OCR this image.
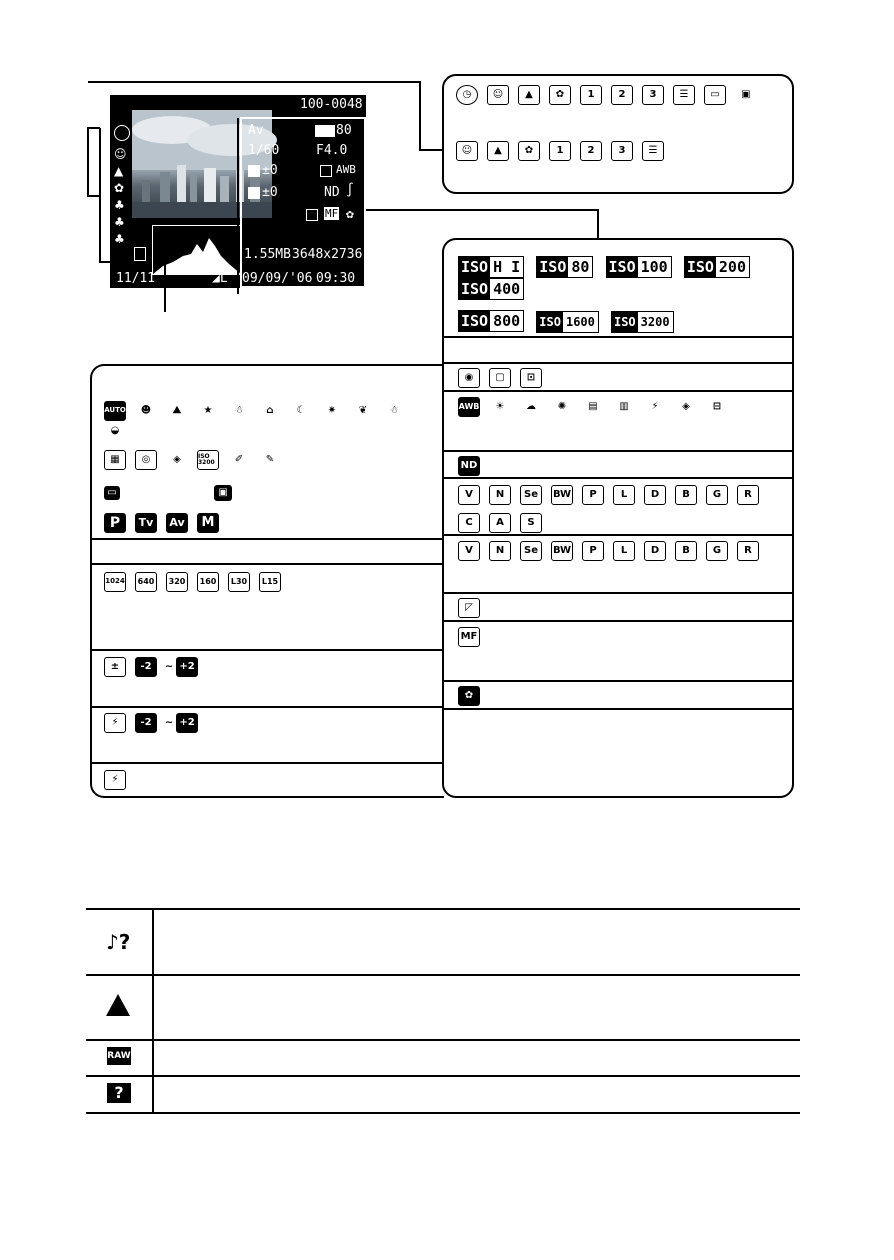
☺
▲
✿
♣
♣
♣
100-0048
Av	80
1/60	F4.0
±0	AWB
±0	ND ∫
MF ✿
1.55MB 3648x2736
11/11	◢L 09/09/'06 09:30
◷ ☺ ▲ ✿ 1 2 3 ☰ ▭ ▣
☺ ▲ ✿ 1 2 3 ☰
ISO H I
ISO 80
ISO 100
ISO 200

ISO 400
ISO 800
ISO 1600
ISO 3200
◉ ▢ ⊡
AWB ☀ ☁ ✺ ▤ ▥ ⚡ ◈ ⊟
ND
V N Se BW P L D B G R
C A S
V N Se BW P L D B G R
◸
MF
✿
AUTO ☻ ⛰ ★ ☃ ⌂ ☾ ✷ ❦ ☃◒
▦ ◎ ◈	ISO 3200 ✐ ✎
▭	▣
P Tv Av M
1024 640 320 160 L30 L15
± -2 ~ +2
⚡ -2 ~ +2
⚡
♪?
RAW
?
